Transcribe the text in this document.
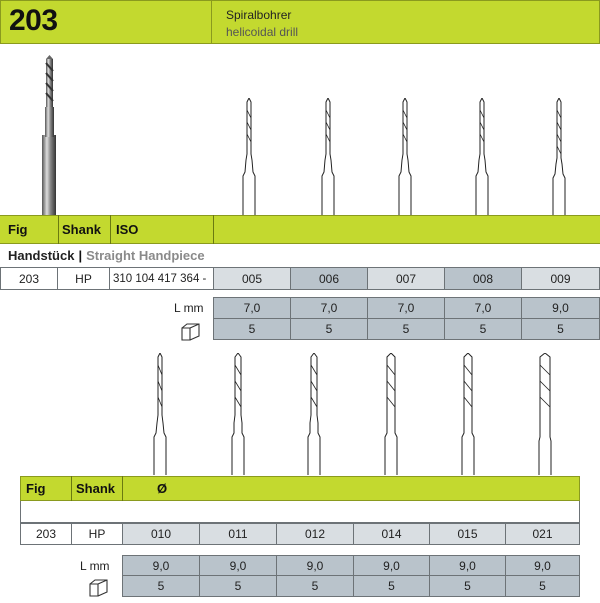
203	Spiralbohrer
helicoidal drill
Fig	Shank ISO
Handstück | Straight Handpiece
203	HP	310 104 417 364 -	005	006	007	008	009
L mm	7,0	7,0	7,0	7,0	9,0
5	5	5	5	5
Fig Shank	Ø
203	HP	010	011	012	014	015	021
L mm	9,0	9,0	9,0	9,0	9,0	9,0
5	5	5	5	5	5
